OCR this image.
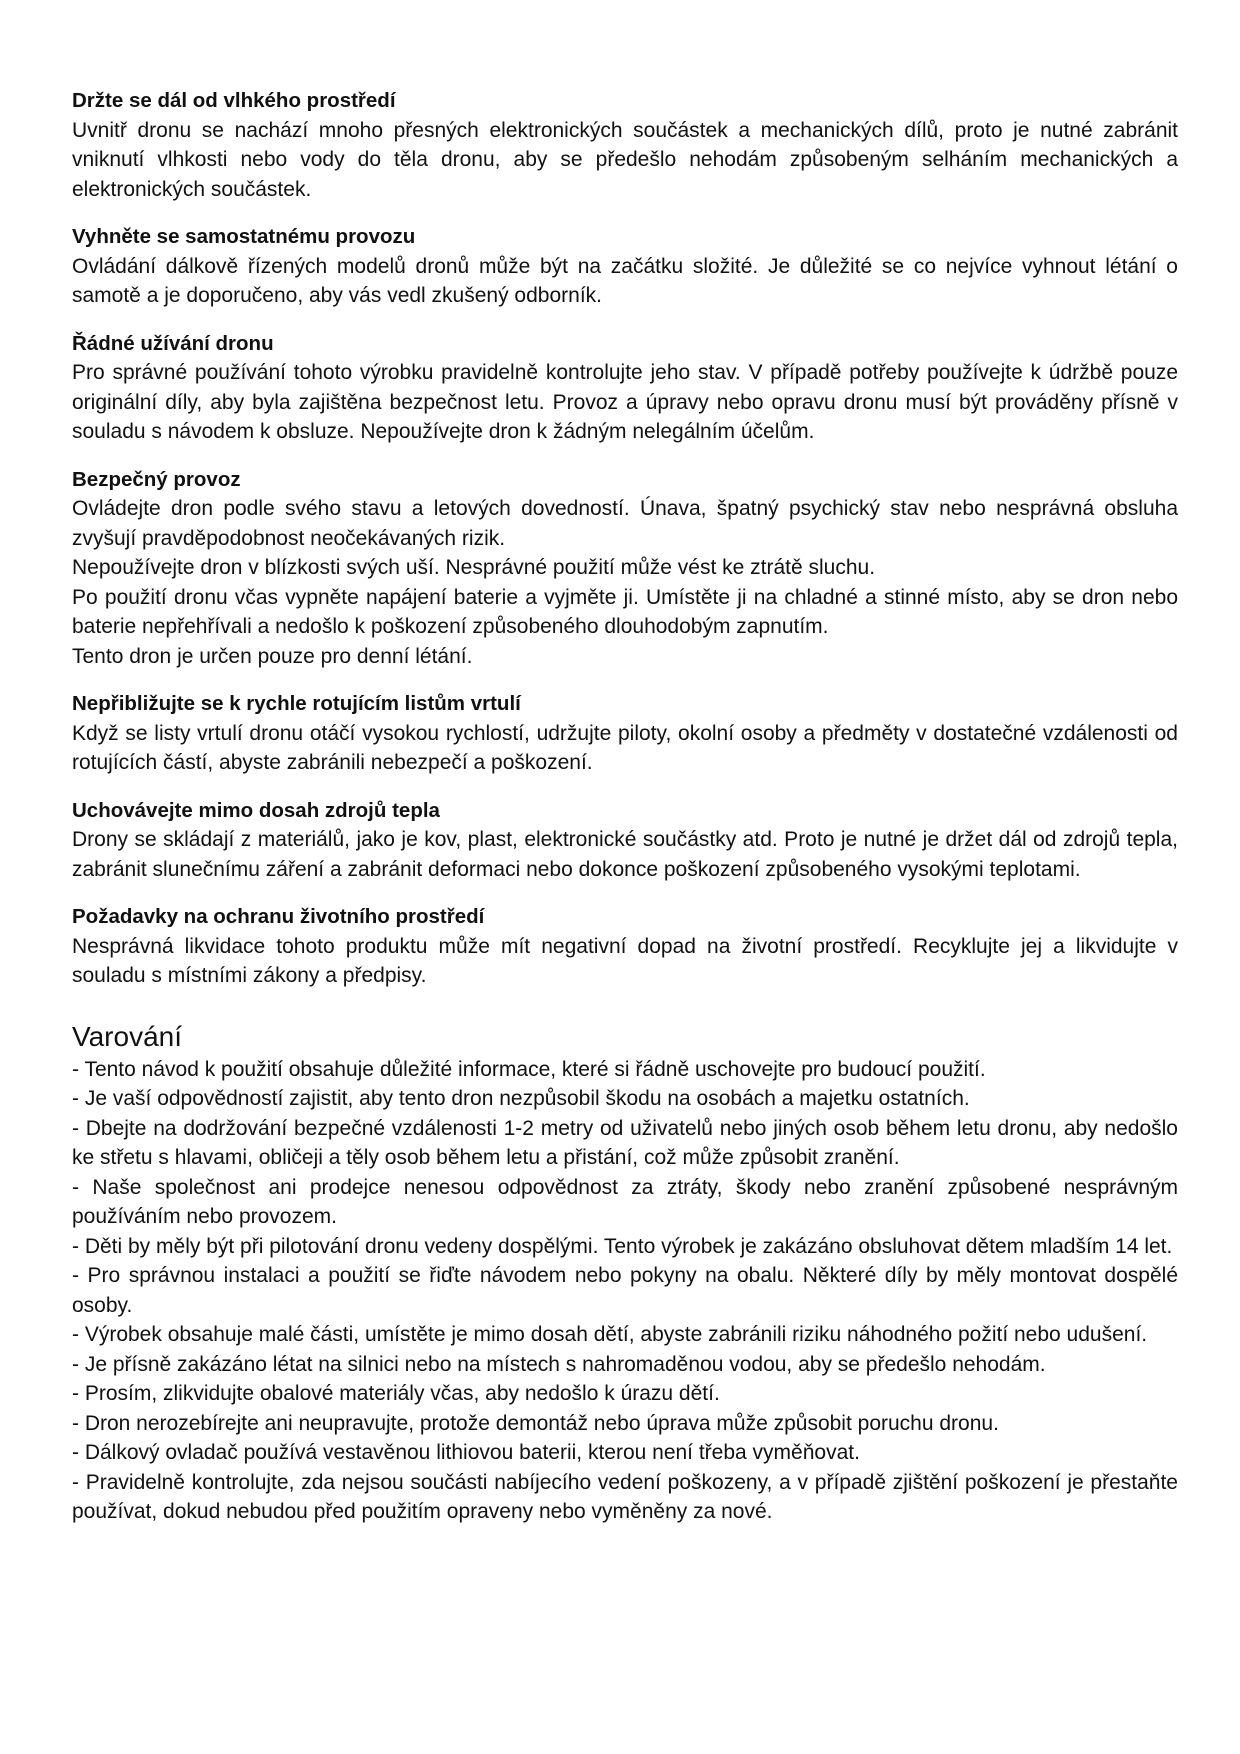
Držte se dál od vlhkého prostředí

Uvnitř dronu se nachází mnoho přesných elektronických součástek a mechanických dílů, proto je nutné zabránit vniknutí vlhkosti nebo vody do těla dronu, aby se předešlo nehodám způsobeným selháním mechanických a elektronických součástek.

Vyhněte se samostatnému provozu

Ovládání dálkově řízených modelů dronů může být na začátku složité. Je důležité se co nejvíce vyhnout létání o samotě a je doporučeno, aby vás vedl zkušený odborník.

Řádné užívání dronu

Pro správné používání tohoto výrobku pravidelně kontrolujte jeho stav. V případě potřeby používejte k údržbě pouze originální díly, aby byla zajištěna bezpečnost letu. Provoz a úpravy nebo opravu dronu musí být prováděny přísně v souladu s návodem k obsluze. Nepoužívejte dron k žádným nelegálním účelům.

Bezpečný provoz

Ovládejte dron podle svého stavu a letových dovedností. Únava, špatný psychický stav nebo nesprávná obsluha zvyšují pravděpodobnost neočekávaných rizik.

Nepoužívejte dron v blízkosti svých uší. Nesprávné použití může vést ke ztrátě sluchu.

Po použití dronu včas vypněte napájení baterie a vyjměte ji. Umístěte ji na chladné a stinné místo, aby se dron nebo baterie nepřehřívali a nedošlo k poškození způsobeného dlouhodobým zapnutím.

Tento dron je určen pouze pro denní létání.

Nepřibližujte se k rychle rotujícím listům vrtulí

Když se listy vrtulí dronu otáčí vysokou rychlostí, udržujte piloty, okolní osoby a předměty v dostatečné vzdálenosti od rotujících částí, abyste zabránili nebezpečí a poškození.

Uchovávejte mimo dosah zdrojů tepla

Drony se skládají z materiálů, jako je kov, plast, elektronické součástky atd. Proto je nutné je držet dál od zdrojů tepla, zabránit slunečnímu záření a zabránit deformaci nebo dokonce poškození způsobeného vysokými teplotami.

Požadavky na ochranu životního prostředí

Nesprávná likvidace tohoto produktu může mít negativní dopad na životní prostředí. Recyklujte jej a likvidujte v souladu s místními zákony a předpisy.

Varování

- Tento návod k použití obsahuje důležité informace, které si řádně uschovejte pro budoucí použití.

- Je vaší odpovědností zajistit, aby tento dron nezpůsobil škodu na osobách a majetku ostatních.

- Dbejte na dodržování bezpečné vzdálenosti 1-2 metry od uživatelů nebo jiných osob během letu dronu, aby nedošlo ke střetu s hlavami, obličeji a těly osob během letu a přistání, což může způsobit zranění.

- Naše společnost ani prodejce nenesou odpovědnost za ztráty, škody nebo zranění způsobené nesprávným používáním nebo provozem.

- Děti by měly být při pilotování dronu vedeny dospělými. Tento výrobek je zakázáno obsluhovat dětem mladším 14 let.

- Pro správnou instalaci a použití se řiďte návodem nebo pokyny na obalu. Některé díly by měly montovat dospělé osoby.

- Výrobek obsahuje malé části, umístěte je mimo dosah dětí, abyste zabránili riziku náhodného požití nebo udušení.

- Je přísně zakázáno létat na silnici nebo na místech s nahromaděnou vodou, aby se předešlo nehodám.

- Prosím, zlikvidujte obalové materiály včas, aby nedošlo k úrazu dětí.

- Dron nerozebírejte ani neupravujte, protože demontáž nebo úprava může způsobit poruchu dronu.

- Dálkový ovladač používá vestavěnou lithiovou baterii, kterou není třeba vyměňovat.

- Pravidelně kontrolujte, zda nejsou součásti nabíjecího vedení poškozeny, a v případě zjištění poškození je přestaňte používat, dokud nebudou před použitím opraveny nebo vyměněny za nové.
